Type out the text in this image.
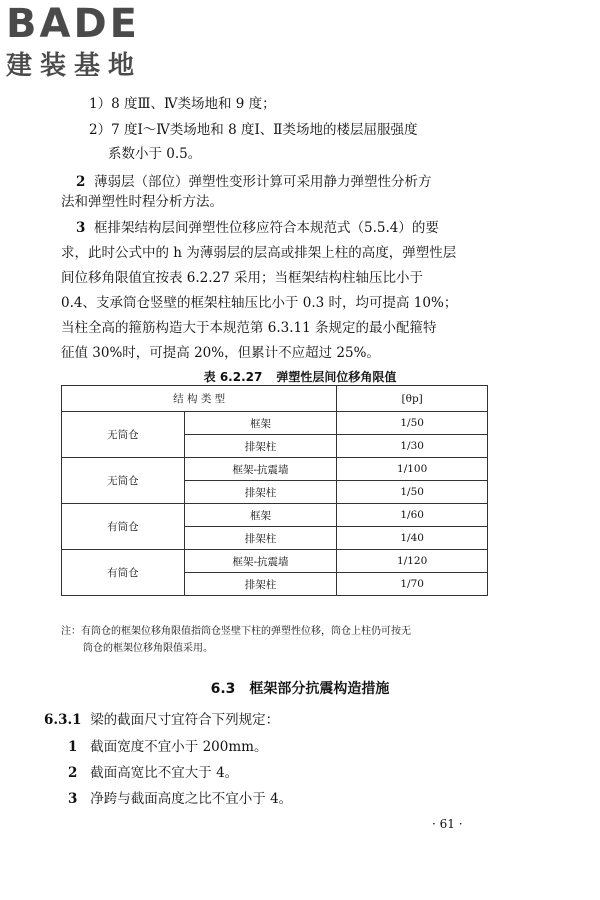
BADE
建装基地
1）8 度Ⅲ、Ⅳ类场地和 9 度；
2）7 度Ⅰ～Ⅳ类场地和 8 度Ⅰ、Ⅱ类场地的楼层屈服强度
系数小于 0.5。
2 薄弱层（部位）弹塑性变形计算可采用静力弹塑性分析方
法和弹塑性时程分析方法。
3 框排架结构层间弹塑性位移应符合本规范式（5.5.4）的要
求，此时公式中的 h 为薄弱层的层高或排架上柱的高度，弹塑性层
间位移角限值宜按表 6.2.27 采用；当框架结构柱轴压比小于
0.4、支承筒仓竖壁的框架柱轴压比小于 0.3 时，均可提高 10%；
当柱全高的箍筋构造大于本规范第 6.3.11 条规定的最小配箍特
征值 30%时，可提高 20%，但累计不应超过 25%。
表 6.2.27 弹塑性层间位移角限值
结 构 类 型		[θp]
无筒仓	框架	1/50
	排架柱	1/30
无筒仓	框架-抗震墙	1/100
	排架柱	1/50
有筒仓	框架	1/60
	排架柱	1/40
有筒仓	框架-抗震墙	1/120
	排架柱	1/70
注：有筒仓的框架位移角限值指筒仓竖壁下柱的弹塑性位移，筒仓上柱仍可按无
筒仓的框架位移角限值采用。
6.3 框架部分抗震构造措施
6.3.1 梁的截面尺寸宜符合下列规定：
1 截面宽度不宜小于 200mm。
2 截面高宽比不宜大于 4。
3 净跨与截面高度之比不宜小于 4。
· 61 ·
